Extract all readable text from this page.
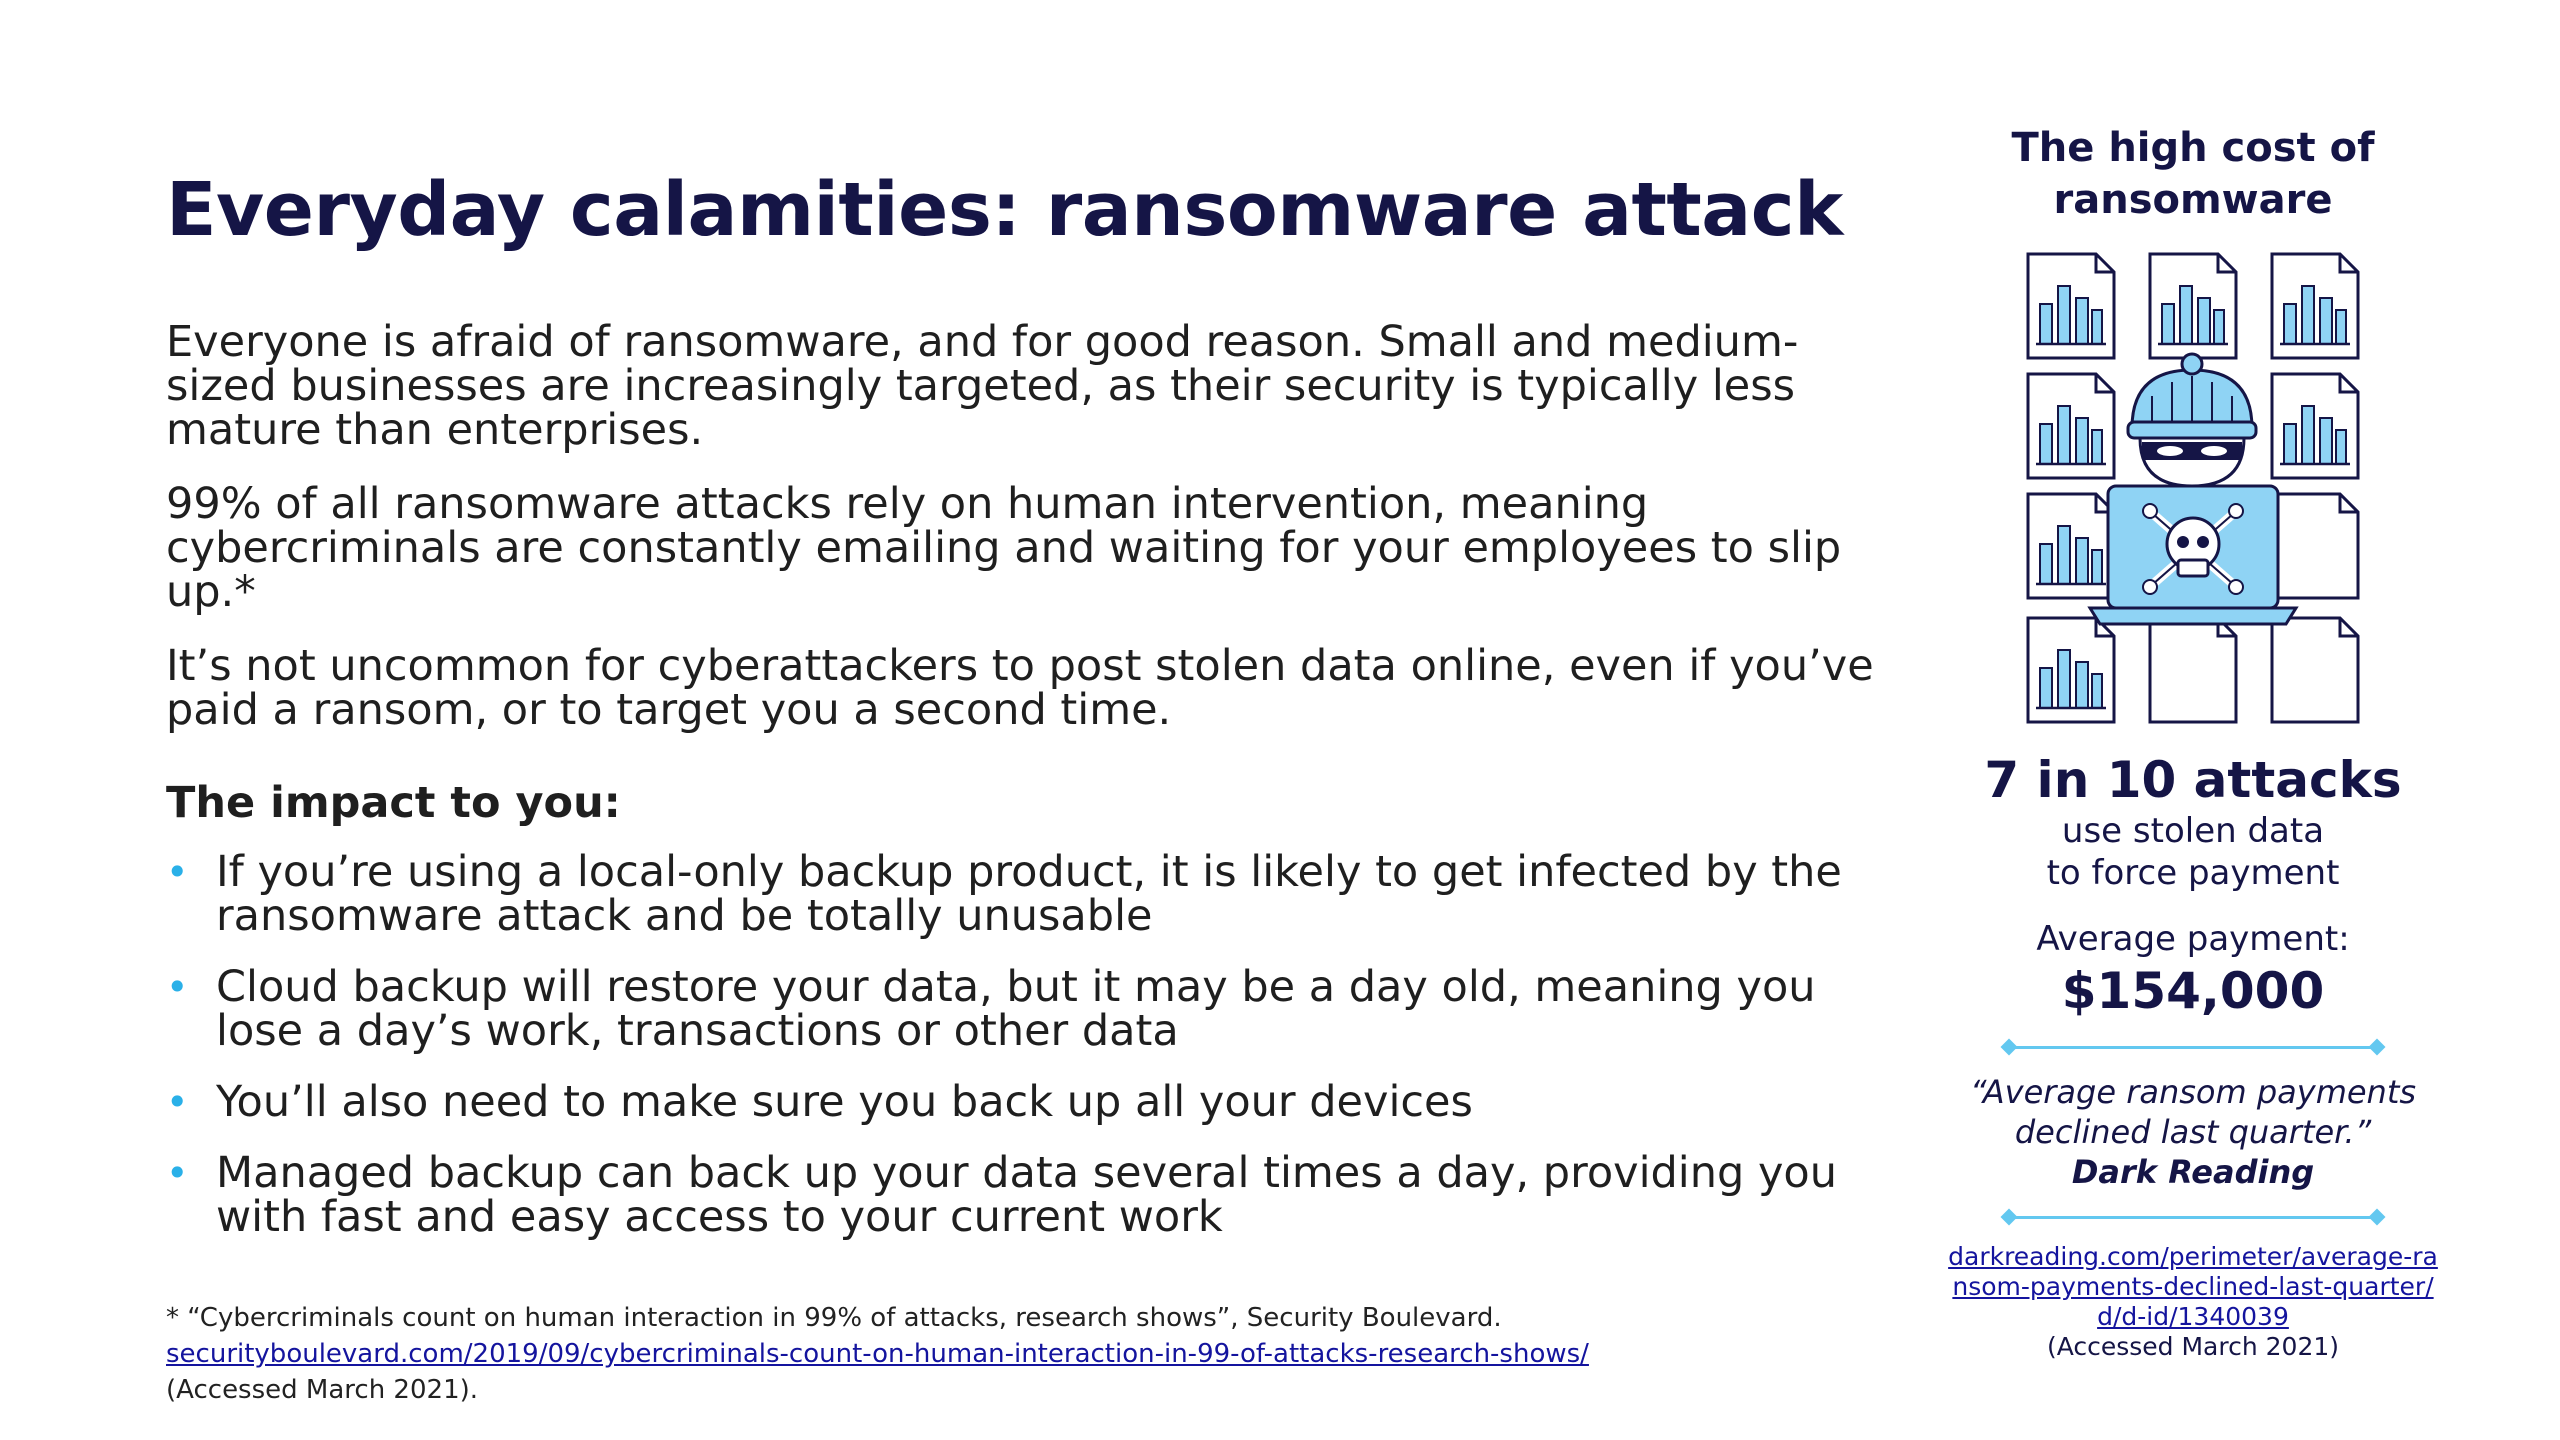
Everyday calamities: ransomware attack

Everyone is afraid of ransomware, and for good reason. Small and medium-sized businesses are increasingly targeted, as their security is typically less mature than enterprises.

99% of all ransomware attacks rely on human intervention, meaning cybercriminals are constantly emailing and waiting for your employees to slip up.*

It’s not uncommon for cyberattackers to post stolen data online, even if you’ve paid a ransom, or to target you a second time.

The impact to you:
• If you’re using a local-only backup product, it is likely to get infected by the ransomware attack and be totally unusable
• Cloud backup will restore your data, but it may be a day old, meaning you lose a day’s work, transactions or other data
• You’ll also need to make sure you back up all your devices
• Managed backup can back up your data several times a day, providing you with fast and easy access to your current work
* “Cybercriminals count on human interaction in 99% of attacks, research shows”, Security Boulevard.
securityboulevard.com/2019/09/cybercriminals-count-on-human-interaction-in-99-of-attacks-research-shows/
(Accessed March 2021).
The high cost of ransomware
7 in 10 attacks
use stolen data
to force payment
Average payment:
$154,000
“Average ransom payments
declined last quarter.”
Dark Reading
darkreading.com/perimeter/average-ransom-payments-declined-last-quarter/d/d-id/1340039
(Accessed March 2021)
